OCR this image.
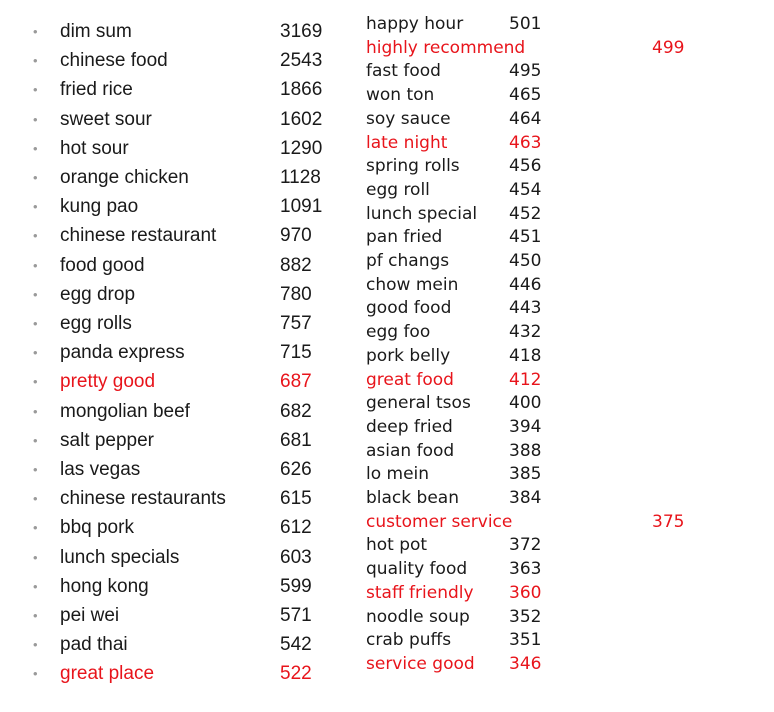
• dim sum	3169
• chinese food	2543
• fried rice	1866
• sweet sour	1602
• hot sour	1290
• orange chicken	1128
• kung pao	1091
• chinese restaurant	970
• food good	882
• egg drop	780
• egg rolls	757
• panda express	715
• pretty good	687
• mongolian beef	682
• salt pepper	681
• las vegas	626
• chinese restaurants	615
• bbq pork	612
• lunch specials	603
• hong kong	599
• pei wei	571
• pad thai	542
• great place	522
happy hour	501
highly recommend	499
fast food	495
won ton	465
soy sauce	464
late night	463
spring rolls	456
egg roll	454
lunch special 452
pan fried	451
pf changs	450
chow mein	446
good food	443
egg foo	432
pork belly	418
great food	412
general tsos 400
deep fried	394
asian food	388
lo mein	385
black bean	384
customer service	375
hot pot	372
quality food 363
staff friendly 360
noodle soup 352
crab puffs	351
service good 346
